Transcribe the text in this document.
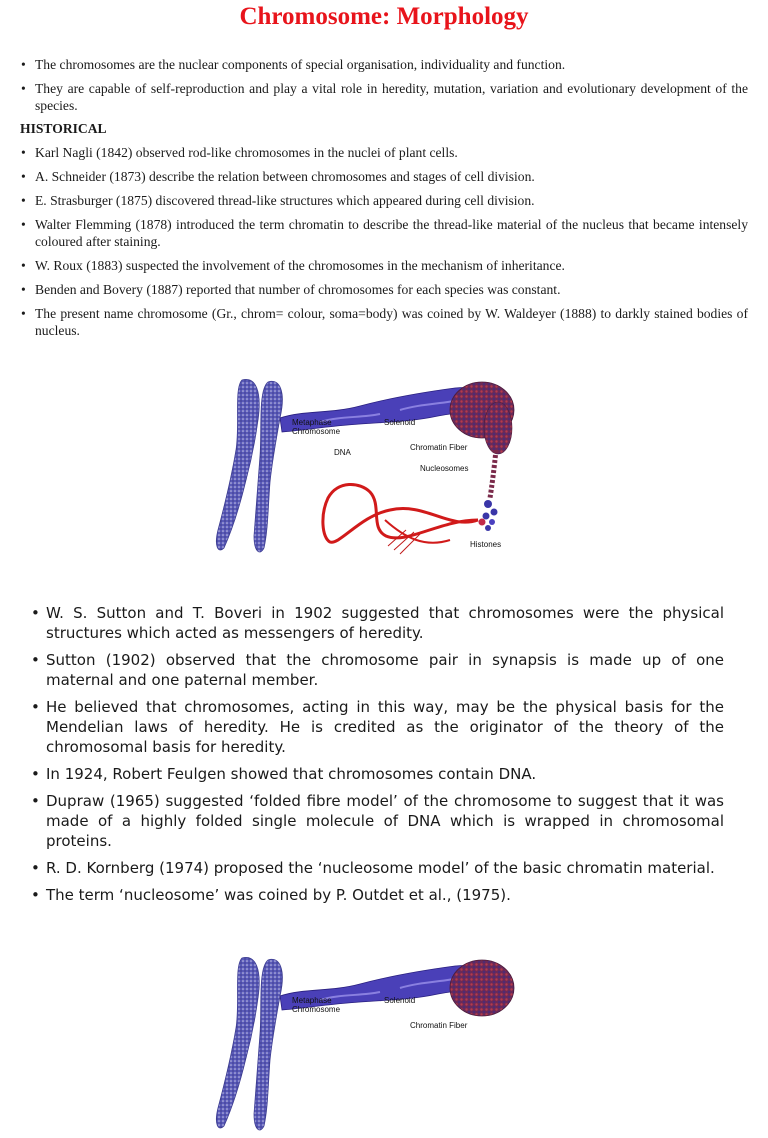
Chromosome: Morphology
• The chromosomes are the nuclear components of special organisation, individuality and function.
• They are capable of self-reproduction and play a vital role in heredity, mutation, variation and evolutionary development of the species.
HISTORICAL
• Karl Nagli (1842) observed rod-like chromosomes in the nuclei of plant cells.
• A. Schneider (1873) describe the relation between chromosomes and stages of cell division.
• E. Strasburger (1875) discovered thread-like structures which appeared during cell division.
• Walter Flemming (1878) introduced the term chromatin to describe the thread-like material of the nucleus that became intensely coloured after staining.
• W. Roux (1883) suspected the involvement of the chromosomes in the mechanism of inheritance.
• Benden and Bovery (1887) reported that number of chromosomes for each species was constant.
• The present name chromosome (Gr., chrom= colour, soma=body) was coined by W. Waldeyer (1888) to darkly stained bodies of nucleus.
Metaphase
Chromosome
Solenoid
Chromatin Fiber
DNA
Nucleosomes
Histones
• W. S. Sutton and T. Boveri in 1902 suggested that chromosomes were the physical structures which acted as messengers of heredity.
• Sutton (1902) observed that the chromosome pair in synapsis is made up of one maternal and one paternal member.
• He believed that chromosomes, acting in this way, may be the physical basis for the Mendelian laws of heredity. He is credited as the originator of the theory of the chromosomal basis for heredity.
• In 1924, Robert Feulgen showed that chromosomes contain DNA.
• Dupraw (1965) suggested ‘folded fibre model’ of the chromosome to suggest that it was made of a highly folded single molecule of DNA which is wrapped in chromosomal proteins.
• R. D. Kornberg (1974) proposed the ‘nucleosome model’ of the basic chromatin material.
• The term ‘nucleosome’ was coined by P. Outdet et al., (1975).
Metaphase
Chromosome
Solenoid
Chromatin Fiber
